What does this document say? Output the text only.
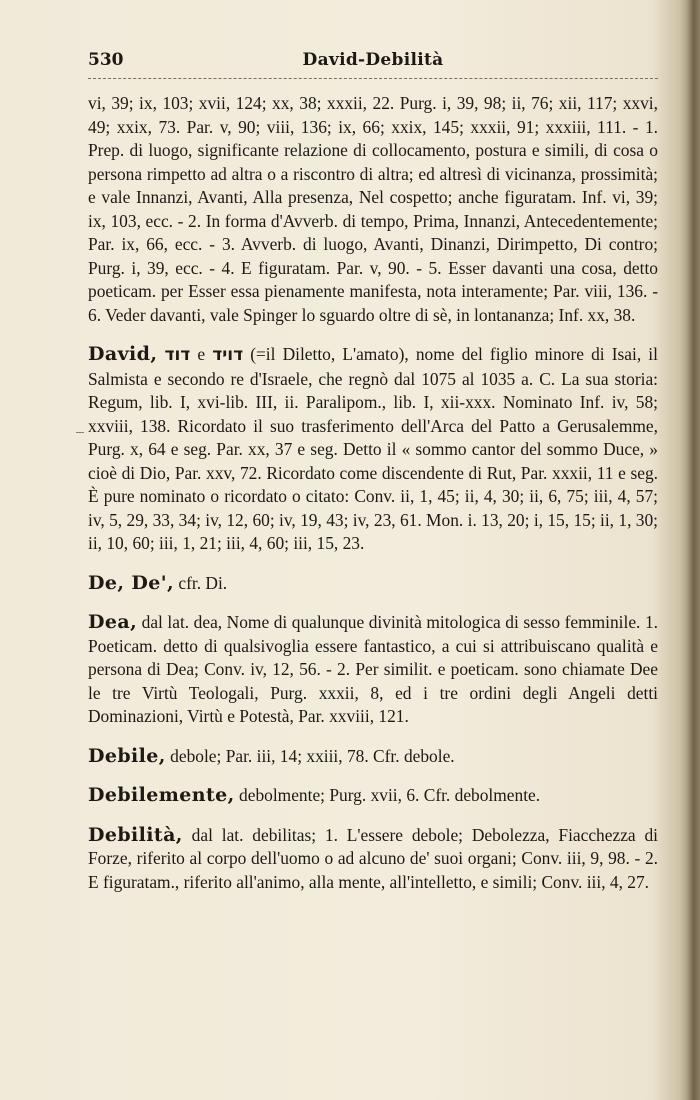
530	David-Debilità

vi, 39; ix, 103; xvii, 124; xx, 38; xxxii, 22. Purg. i, 39, 98; ii, 76; xii, 117; xxvi, 49; xxix, 73. Par. v, 90; viii, 136; ix, 66; xxix, 145; xxxii, 91; xxxiii, 111. - 1. Prep. di luogo, significante relazione di collocamento, postura e simili, di cosa o persona rimpetto ad altra o a riscontro di altra; ed altresì di vicinanza, prossimità; e vale Innanzi, Avanti, Alla presenza, Nel cospetto; anche figuratam. Inf. vi, 39; ix, 103, ecc. - 2. In forma d'Avverb. di tempo, Prima, Innanzi, Antecedentemente; Par. ix, 66, ecc. - 3. Avverb. di luogo, Avanti, Dinanzi, Dirimpetto, Di contro; Purg. i, 39, ecc. - 4. E figuratam. Par. v, 90. - 5. Esser davanti una cosa, detto poeticam. per Esser essa pienamente manifesta, nota interamente; Par. viii, 136. - 6. Veder davanti, vale Spinger lo sguardo oltre di sè, in lontananza; Inf. xx, 38.

David, דוד e דויד (=il Diletto, L'amato), nome del figlio minore di Isai, il Salmista e secondo re d'Israele, che regnò dal 1075 al 1035 a. C. La sua storia: Regum, lib. I, xvi-lib. III, ii. Paralipom., lib. I, xii-xxx. Nominato Inf. iv, 58; xxviii, 138. Ricordato il suo trasferimento dell'Arca del Patto a Gerusalemme, Purg. x, 64 e seg. Par. xx, 37 e seg. Detto il « sommo cantor del sommo Duce, » cioè di Dio, Par. xxv, 72. Ricordato come discendente di Rut, Par. xxxii, 11 e seg. È pure nominato o ricordato o citato: Conv. ii, 1, 45; ii, 4, 30; ii, 6, 75; iii, 4, 57; iv, 5, 29, 33, 34; iv, 12, 60; iv, 19, 43; iv, 23, 61. Mon. i. 13, 20; i, 15, 15; ii, 1, 30; ii, 10, 60; iii, 1, 21; iii, 4, 60; iii, 15, 23.

De, De', cfr. Di.

Dea, dal lat. dea, Nome di qualunque divinità mitologica di sesso femminile. 1. Poeticam. detto di qualsivoglia essere fantastico, a cui si attribuiscano qualità e persona di Dea; Conv. iv, 12, 56. - 2. Per similit. e poeticam. sono chiamate Dee le tre Virtù Teologali, Purg. xxxii, 8, ed i tre ordini degli Angeli detti Dominazioni, Virtù e Potestà, Par. xxviii, 121.

Debile, debole; Par. iii, 14; xxiii, 78. Cfr. debole.

Debilemente, debolmente; Purg. xvii, 6. Cfr. debolmente.

Debilità, dal lat. debilitas; 1. L'essere debole; Debolezza, Fiacchezza di Forze, riferito al corpo dell'uomo o ad alcuno de' suoi organi; Conv. iii, 9, 98. - 2. E figuratam., riferito all'animo, alla mente, all'intelletto, e simili; Conv. iii, 4, 27.
